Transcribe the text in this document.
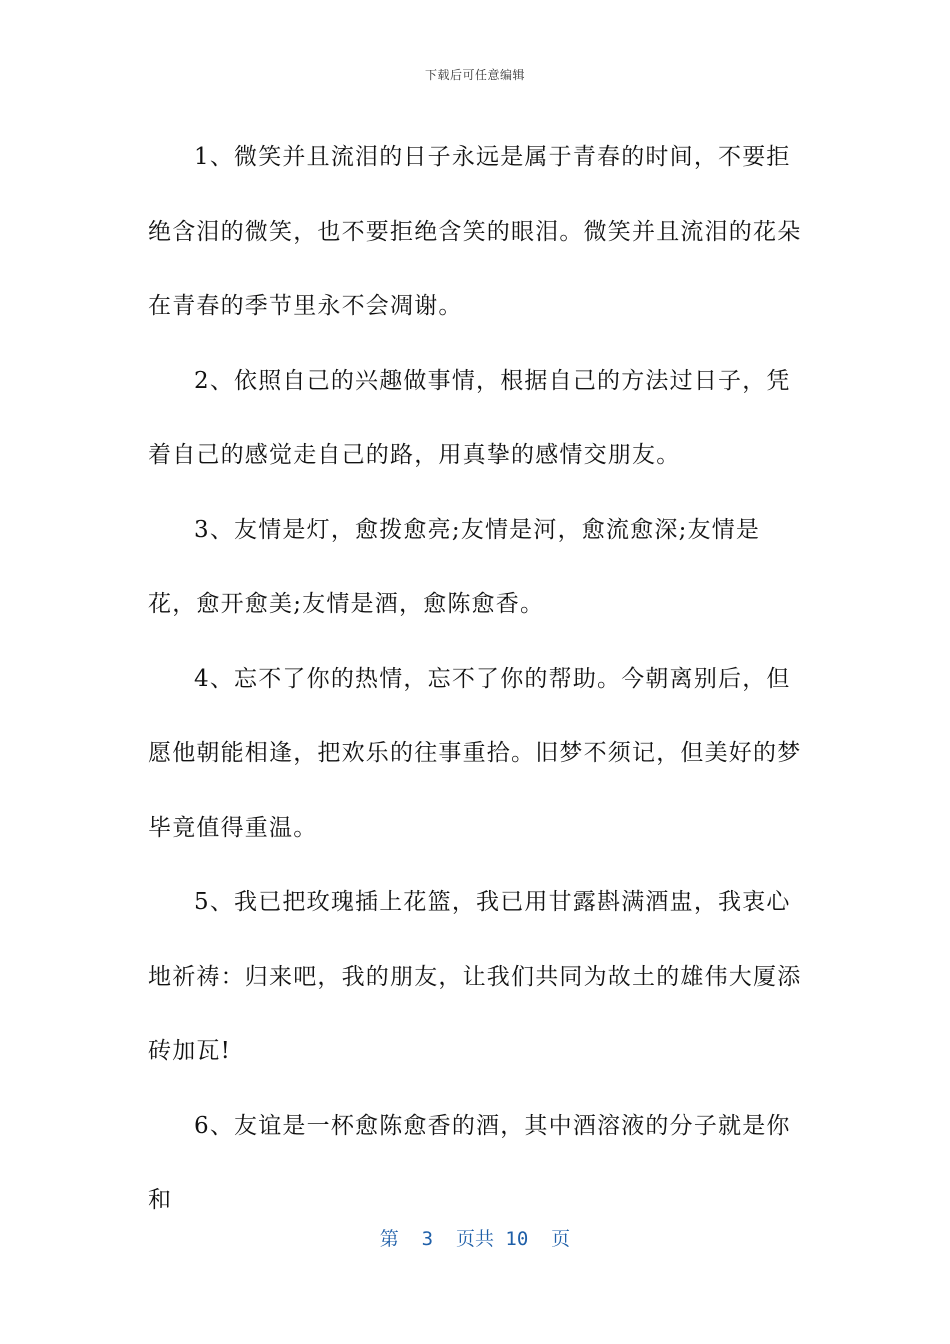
下载后可任意编辑

1、微笑并且流泪的日子永远是属于青春的时间，不要拒绝含泪的微笑，也不要拒绝含笑的眼泪。微笑并且流泪的花朵在青春的季节里永不会凋谢。

2、依照自己的兴趣做事情，根据自己的方法过日子，凭着自己的感觉走自己的路，用真挚的感情交朋友。

3、友情是灯，愈拨愈亮;友情是河，愈流愈深;友情是花，愈开愈美;友情是酒，愈陈愈香。

4、忘不了你的热情，忘不了你的帮助。今朝离别后，但愿他朝能相逢，把欢乐的往事重拾。旧梦不须记，但美好的梦毕竟值得重温。

5、我已把玫瑰插上花篮，我已用甘露斟满酒盅，我衷心地祈祷：归来吧，我的朋友，让我们共同为故土的雄伟大厦添砖加瓦!

6、友谊是一杯愈陈愈香的酒，其中酒溶液的分子就是你和

第  3  页共 10  页
